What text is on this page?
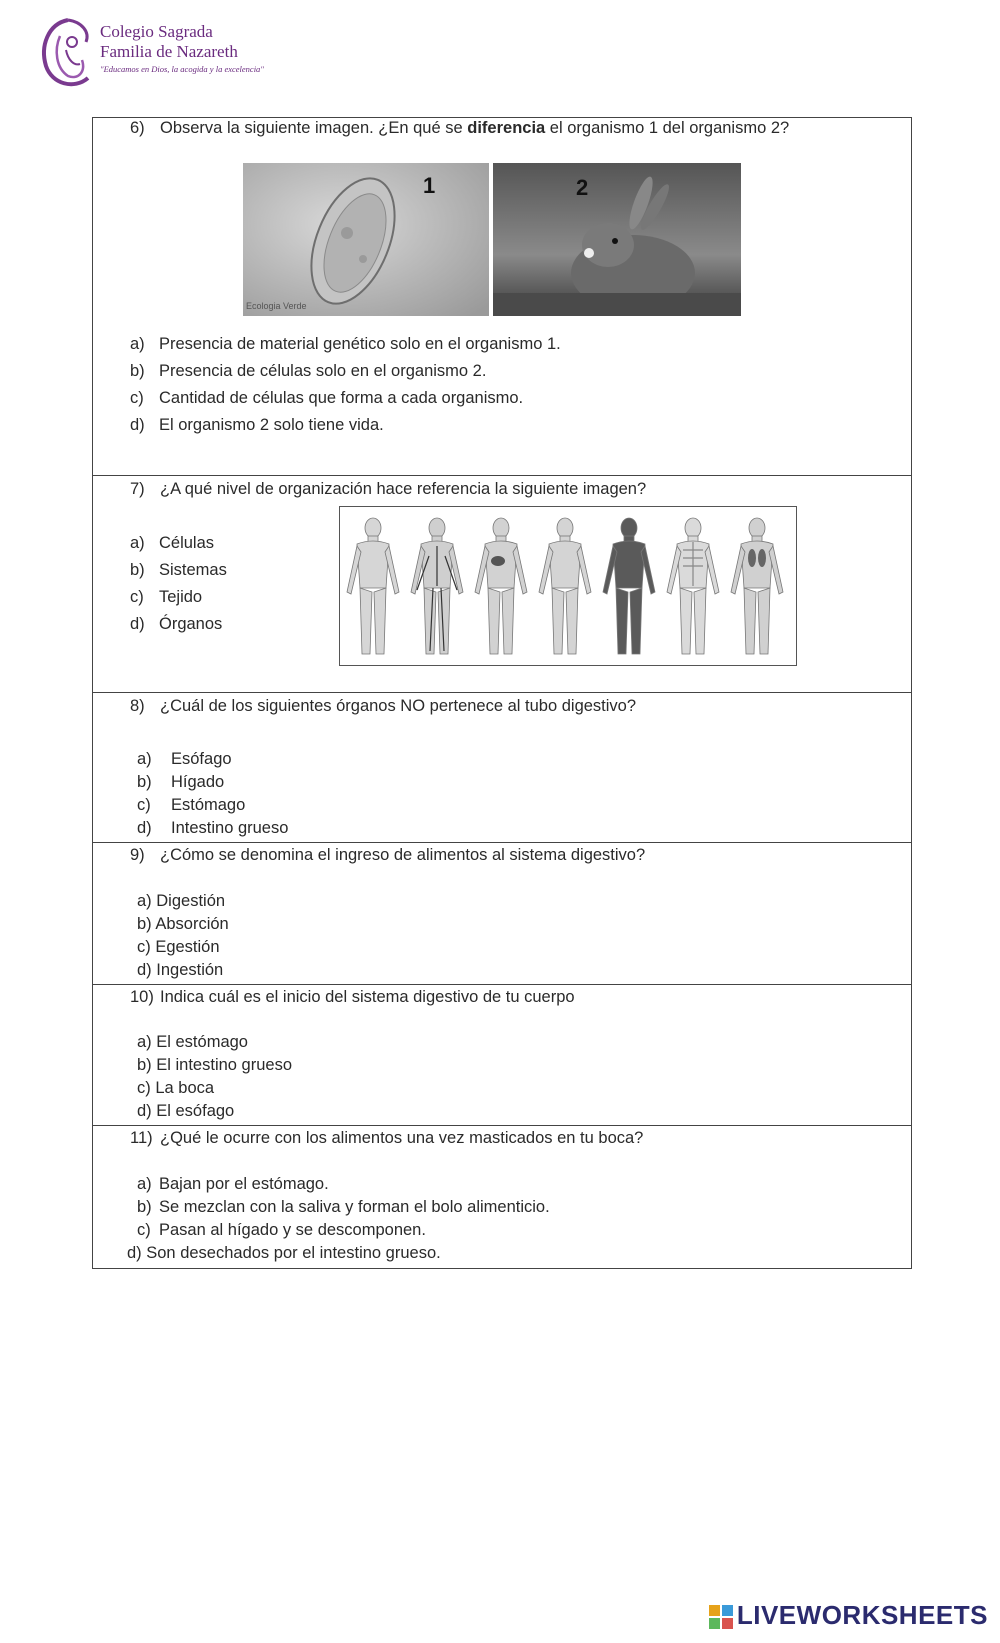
Colegio Sagrada
Familia de Nazareth
"Educamos en Dios, la acogida y la excelencia"
6) Observa la siguiente imagen. ¿En qué se diferencia el organismo 1 del organismo 2?
Ecologia Verde
1	2
a) Presencia de material genético solo en el organismo 1.
b) Presencia de células solo en el organismo 2.
c) Cantidad de células que forma a cada organismo.
d) El organismo 2 solo tiene vida.
7) ¿A qué nivel de organización hace referencia la siguiente imagen?
a) Células
b) Sistemas
c) Tejido
d) Órganos
8) ¿Cuál de los siguientes órganos NO pertenece al tubo digestivo?
a) Esófago
b) Hígado
c) Estómago
d) Intestino grueso
9) ¿Cómo se denomina el ingreso de alimentos al sistema digestivo?
a) Digestión
b) Absorción
c) Egestión
d) Ingestión
10) Indica cuál es el inicio del sistema digestivo de tu cuerpo
a) El estómago
b) El intestino grueso
c) La boca
d) El esófago
11) ¿Qué le ocurre con los alimentos una vez masticados en tu boca?
a) Bajan por el estómago.
b) Se mezclan con la saliva y forman el bolo alimenticio.
c) Pasan al hígado y se descomponen.
d) Son desechados por el intestino grueso.
LIVEWORKSHEETS
